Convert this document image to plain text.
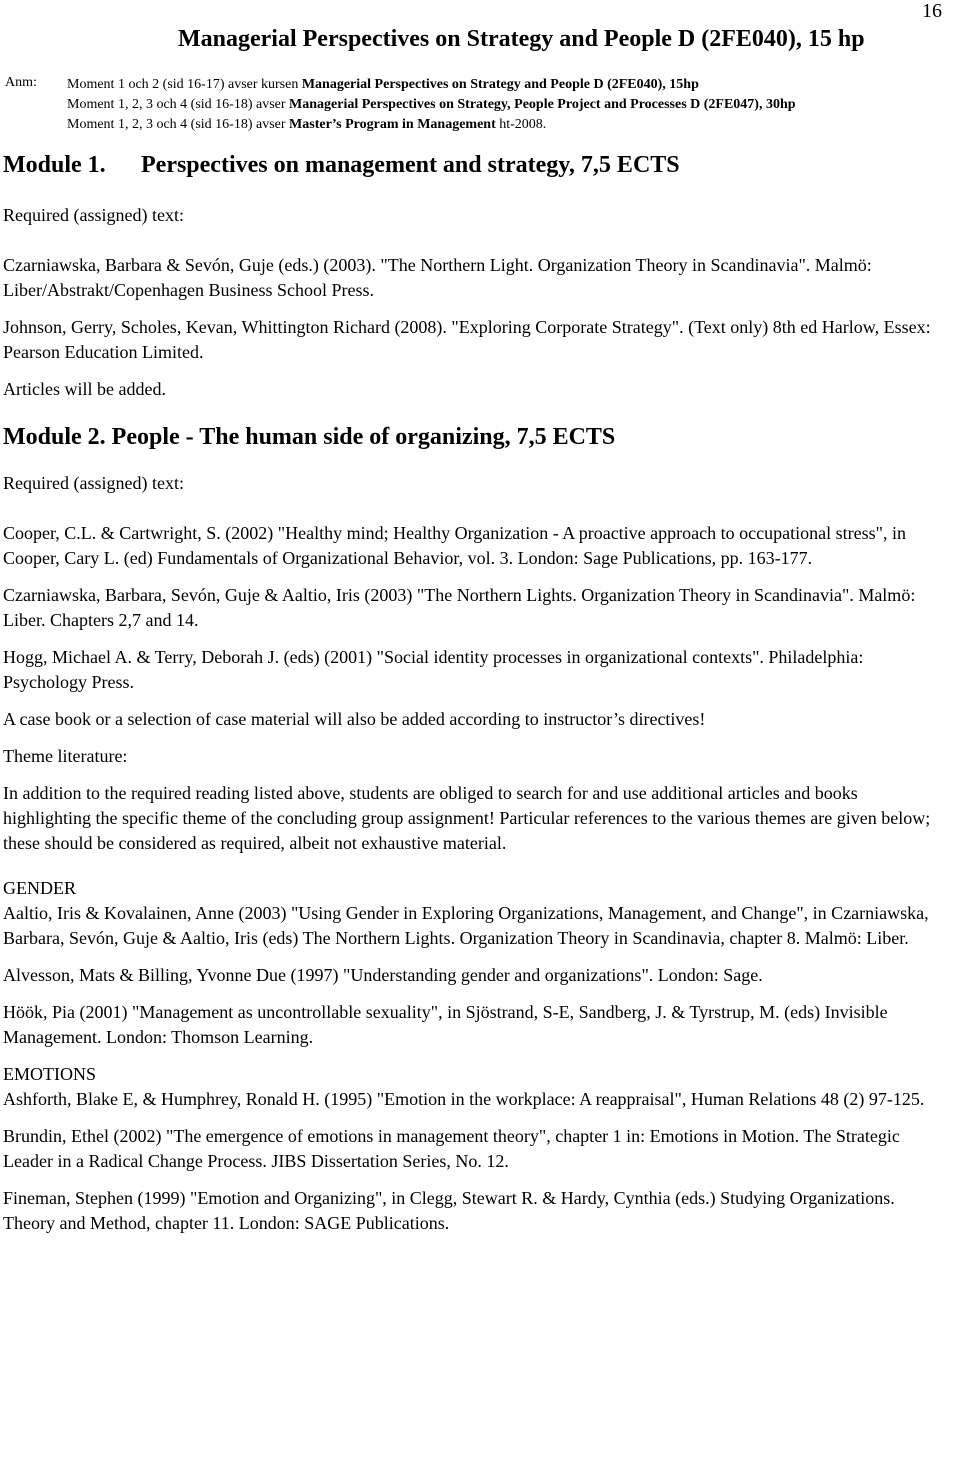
16
Managerial Perspectives on Strategy and People D (2FE040), 15 hp
Anm: Moment 1 och 2 (sid 16-17) avser kursen Managerial Perspectives on Strategy and People D (2FE040), 15hp
Moment 1, 2, 3 och 4 (sid 16-18) avser Managerial Perspectives on Strategy, People Project and Processes D (2FE047), 30hp
Moment 1, 2, 3 och 4 (sid 16-18) avser Master’s Program in Management ht-2008.
Module 1. Perspectives on management and strategy, 7,5 ECTS

Required (assigned) text:

Czarniawska, Barbara & Sevón, Guje (eds.) (2003). "The Northern Light. Organization Theory in Scandinavia". Malmö: Liber/Abstrakt/Copenhagen Business School Press.

Johnson, Gerry, Scholes, Kevan, Whittington Richard (2008). "Exploring Corporate Strategy". (Text only) 8th ed Harlow, Essex: Pearson Education Limited.

Articles will be added.

Module 2. People - The human side of organizing, 7,5 ECTS

Required (assigned) text:

Cooper, C.L. & Cartwright, S. (2002) "Healthy mind; Healthy Organization - A proactive approach to occupational stress", in Cooper, Cary L. (ed) Fundamentals of Organizational Behavior, vol. 3. London: Sage Publications, pp. 163-177.

Czarniawska, Barbara, Sevón, Guje & Aaltio, Iris (2003) "The Northern Lights. Organization Theory in Scandinavia". Malmö: Liber. Chapters 2,7 and 14.

Hogg, Michael A. & Terry, Deborah J. (eds) (2001) "Social identity processes in organizational contexts". Philadelphia: Psychology Press.

A case book or a selection of case material will also be added according to instructor’s directives!

Theme literature:

In addition to the required reading listed above, students are obliged to search for and use additional articles and books highlighting the specific theme of the concluding group assignment! Particular references to the various themes are given below; these should be considered as required, albeit not exhaustive material.

GENDER

Aaltio, Iris & Kovalainen, Anne (2003) "Using Gender in Exploring Organizations, Management, and Change", in Czarniawska, Barbara, Sevón, Guje & Aaltio, Iris (eds) The Northern Lights. Organization Theory in Scandinavia, chapter 8. Malmö: Liber.

Alvesson, Mats & Billing, Yvonne Due (1997) "Understanding gender and organizations". London: Sage.

Höök, Pia (2001) "Management as uncontrollable sexuality", in Sjöstrand, S-E, Sandberg, J. & Tyrstrup, M. (eds) Invisible Management. London: Thomson Learning.

EMOTIONS

Ashforth, Blake E, & Humphrey, Ronald H. (1995) "Emotion in the workplace: A reappraisal", Human Relations 48 (2) 97-125.

Brundin, Ethel (2002) "The emergence of emotions in management theory", chapter 1 in: Emotions in Motion. The Strategic Leader in a Radical Change Process. JIBS Dissertation Series, No. 12.

Fineman, Stephen (1999) "Emotion and Organizing", in Clegg, Stewart R. & Hardy, Cynthia (eds.) Studying Organizations. Theory and Method, chapter 11. London: SAGE Publications.
